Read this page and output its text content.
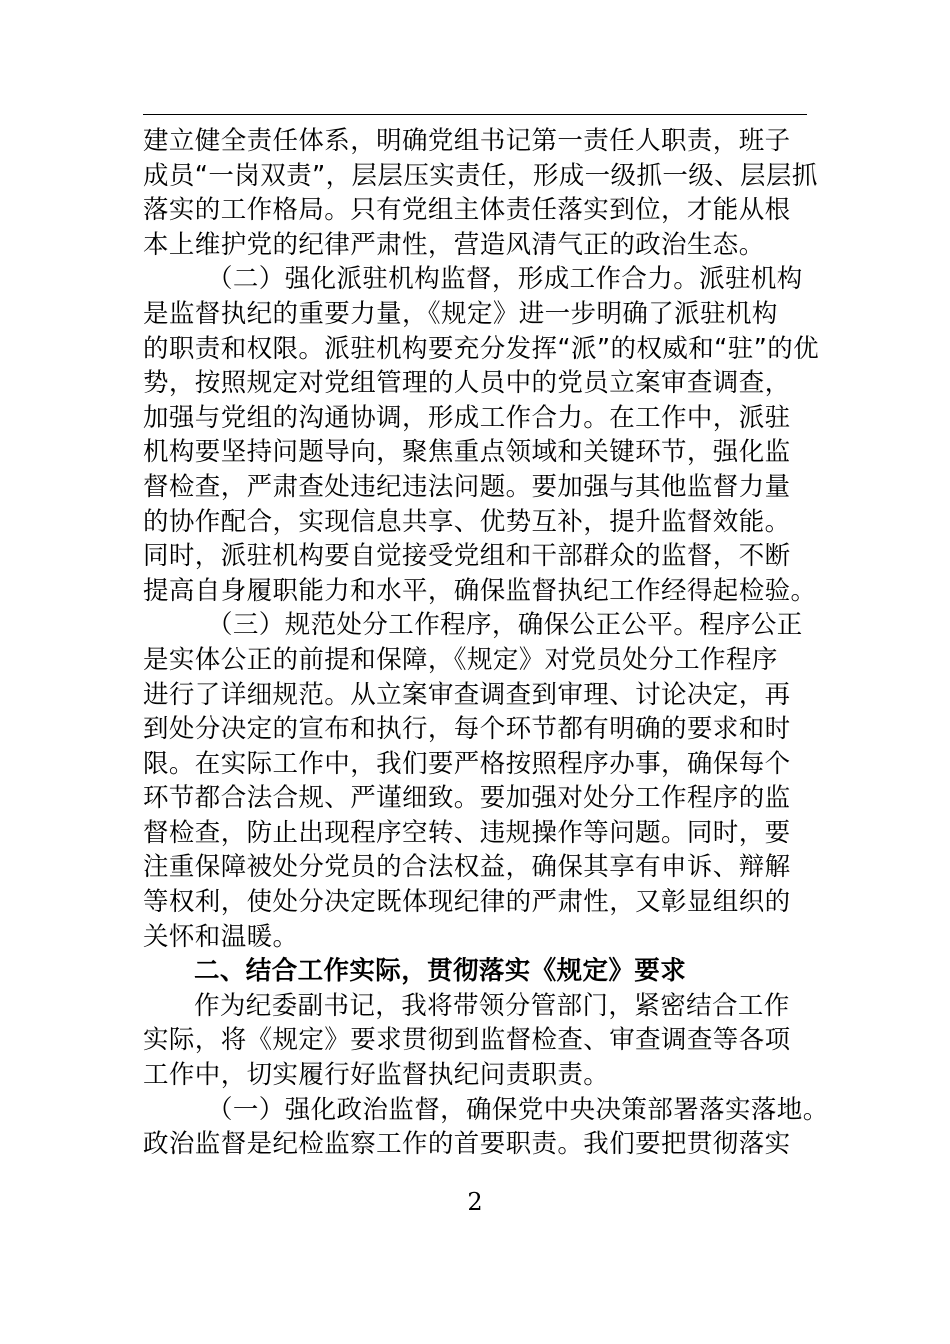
建立健全责任体系，明确党组书记第一责任人职责，班子
成员“一岗双责”，层层压实责任，形成一级抓一级、层层抓
落实的工作格局。只有党组主体责任落实到位，才能从根
本上维护党的纪律严肃性，营造风清气正的政治生态。
（二）强化派驻机构监督，形成工作合力。派驻机构
是监督执纪的重要力量，《规定》进一步明确了派驻机构
的职责和权限。派驻机构要充分发挥“派”的权威和“驻”的优
势，按照规定对党组管理的人员中的党员立案审查调查，
加强与党组的沟通协调，形成工作合力。在工作中，派驻
机构要坚持问题导向，聚焦重点领域和关键环节，强化监
督检查，严肃查处违纪违法问题。要加强与其他监督力量
的协作配合，实现信息共享、优势互补，提升监督效能。
同时，派驻机构要自觉接受党组和干部群众的监督，不断
提高自身履职能力和水平，确保监督执纪工作经得起检验。
（三）规范处分工作程序，确保公正公平。程序公正
是实体公正的前提和保障，《规定》对党员处分工作程序
进行了详细规范。从立案审查调查到审理、讨论决定，再
到处分决定的宣布和执行，每个环节都有明确的要求和时
限。在实际工作中，我们要严格按照程序办事，确保每个
环节都合法合规、严谨细致。要加强对处分工作程序的监
督检查，防止出现程序空转、违规操作等问题。同时，要
注重保障被处分党员的合法权益，确保其享有申诉、辩解
等权利，使处分决定既体现纪律的严肃性，又彰显组织的
关怀和温暖。
二、结合工作实际，贯彻落实《规定》要求
作为纪委副书记，我将带领分管部门，紧密结合工作
实际，将《规定》要求贯彻到监督检查、审查调查等各项
工作中，切实履行好监督执纪问责职责。
（一）强化政治监督，确保党中央决策部署落实落地。
政治监督是纪检监察工作的首要职责。我们要把贯彻落实
2
